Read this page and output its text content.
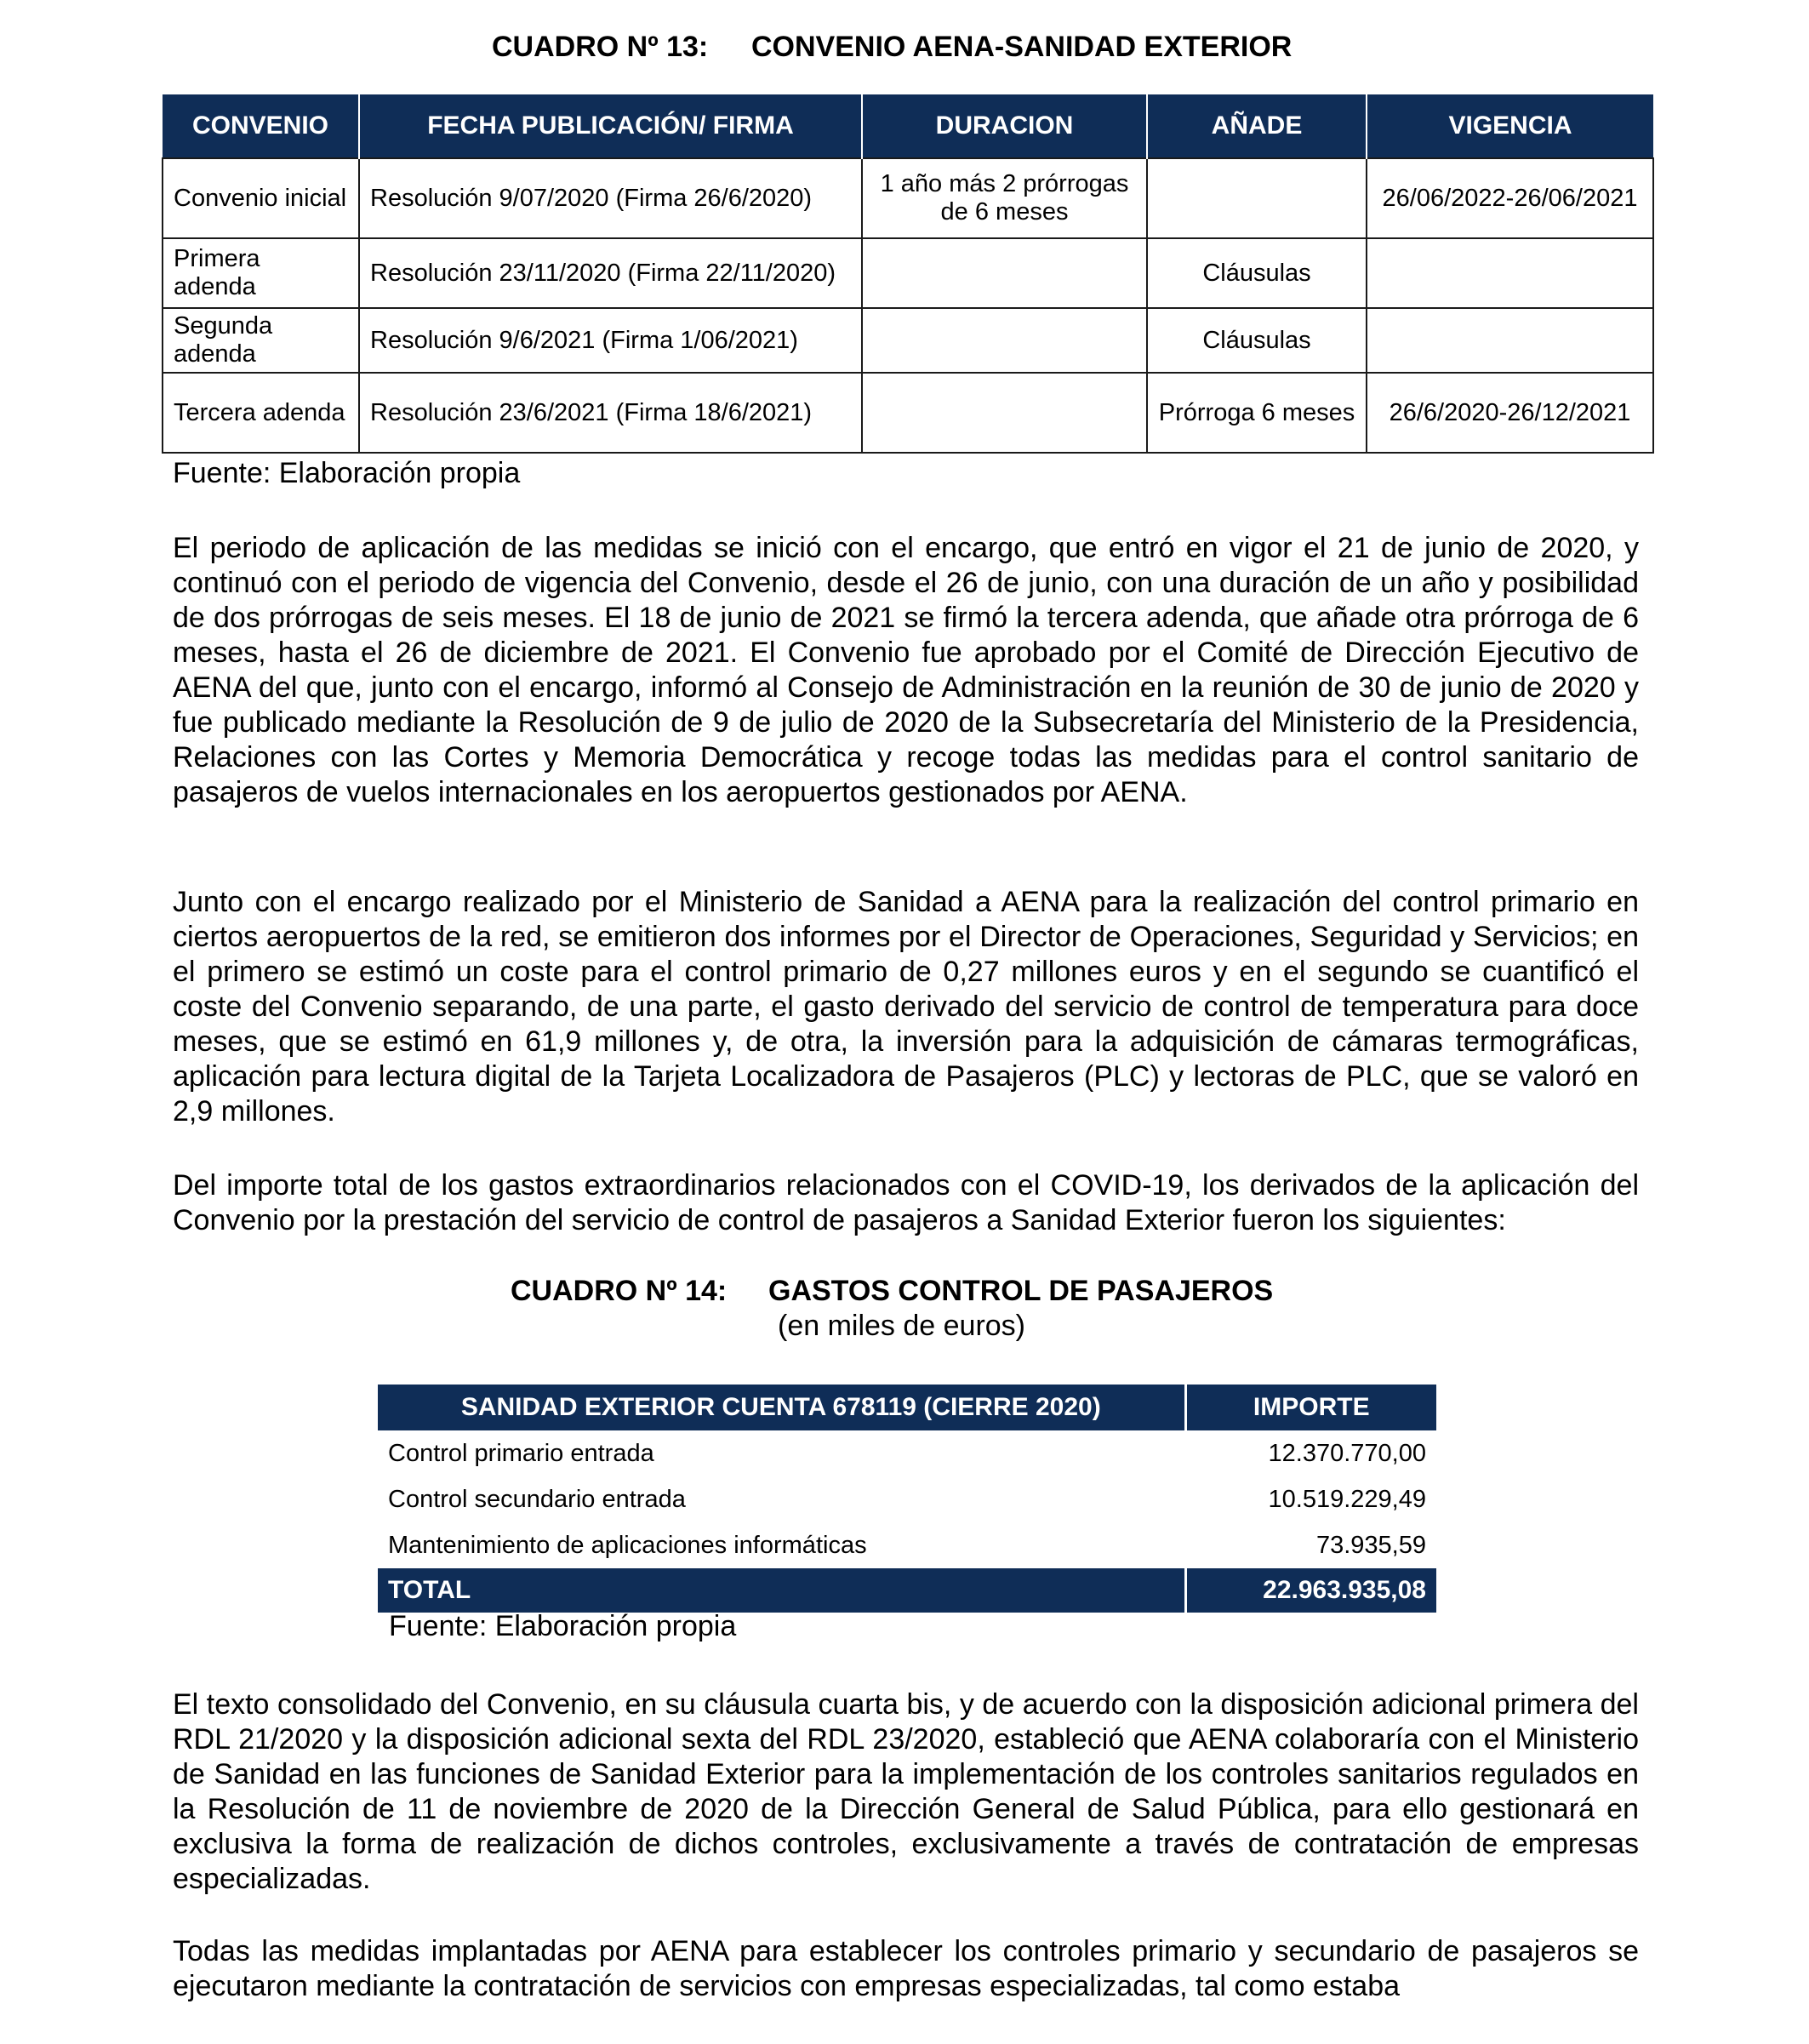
CUADRO Nº 13: CONVENIO AENA-SANIDAD EXTERIOR
CONVENIO	FECHA PUBLICACIÓN/ FIRMA	DURACION	AÑADE	VIGENCIA
Convenio inicial	Resolución 9/07/2020 (Firma 26/6/2020)	1 año más 2 prórrogas de 6 meses		26/06/2022-26/06/2021
Primera adenda	Resolución 23/11/2020 (Firma 22/11/2020)		Cláusulas	
Segunda adenda	Resolución 9/6/2021 (Firma 1/06/2021)		Cláusulas	
Tercera adenda	Resolución 23/6/2021 (Firma 18/6/2021)		Prórroga 6 meses	26/6/2020-26/12/2021
Fuente: Elaboración propia

El periodo de aplicación de las medidas se inició con el encargo, que entró en vigor el 21 de junio de 2020, y continuó con el periodo de vigencia del Convenio, desde el 26 de junio, con una duración de un año y posibilidad de dos prórrogas de seis meses. El 18 de junio de 2021 se firmó la tercera adenda, que añade otra prórroga de 6 meses, hasta el 26 de diciembre de 2021. El Convenio fue aprobado por el Comité de Dirección Ejecutivo de AENA del que, junto con el encargo, informó al Consejo de Administración en la reunión de 30 de junio de 2020 y fue publicado mediante la Resolución de 9 de julio de 2020 de la Subsecretaría del Ministerio de la Presidencia, Relaciones con las Cortes y Memoria Democrática y recoge todas las medidas para el control sanitario de pasajeros de vuelos internacionales en los aeropuertos gestionados por AENA.

Junto con el encargo realizado por el Ministerio de Sanidad a AENA para la realización del control primario en ciertos aeropuertos de la red, se emitieron dos informes por el Director de Operaciones, Seguridad y Servicios; en el primero se estimó un coste para el control primario de 0,27 millones euros y en el segundo se cuantificó el coste del Convenio separando, de una parte, el gasto derivado del servicio de control de temperatura para doce meses, que se estimó en 61,9 millones y, de otra, la inversión para la adquisición de cámaras termográficas, aplicación para lectura digital de la Tarjeta Localizadora de Pasajeros (PLC) y lectoras de PLC, que se valoró en 2,9 millones.

Del importe total de los gastos extraordinarios relacionados con el COVID-19, los derivados de la aplicación del Convenio por la prestación del servicio de control de pasajeros a Sanidad Exterior fueron los siguientes:

CUADRO Nº 14: GASTOS CONTROL DE PASAJEROS
(en miles de euros)
SANIDAD EXTERIOR CUENTA 678119 (CIERRE 2020)	IMPORTE
Control primario entrada	12.370.770,00
Control secundario entrada	10.519.229,49
Mantenimiento de aplicaciones informáticas	73.935,59
TOTAL	22.963.935,08
Fuente: Elaboración propia

El texto consolidado del Convenio, en su cláusula cuarta bis, y de acuerdo con la disposición adicional primera del RDL 21/2020 y la disposición adicional sexta del RDL 23/2020, estableció que AENA colaboraría con el Ministerio de Sanidad en las funciones de Sanidad Exterior para la implementación de los controles sanitarios regulados en la Resolución de 11 de noviembre de 2020 de la Dirección General de Salud Pública, para ello gestionará en exclusiva la forma de realización de dichos controles, exclusivamente a través de contratación de empresas especializadas.

Todas las medidas implantadas por AENA para establecer los controles primario y secundario de pasajeros se ejecutaron mediante la contratación de servicios con empresas especializadas, tal como estaba
